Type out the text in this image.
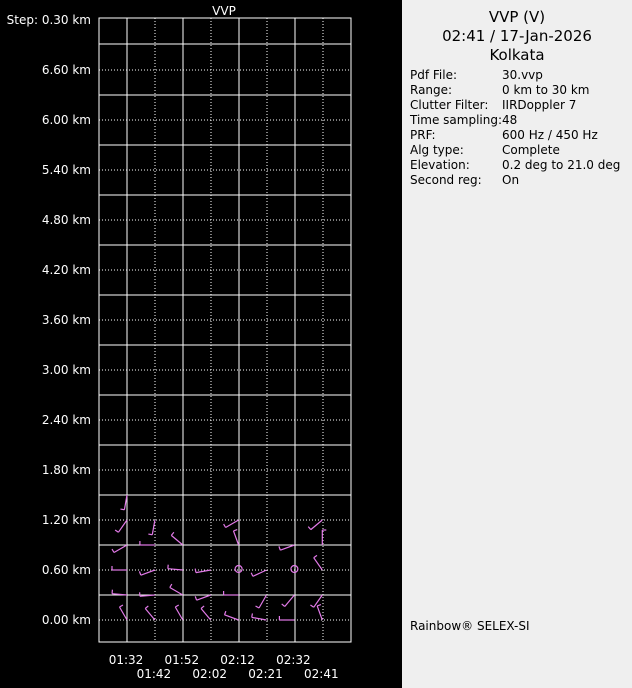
VVP
Step: 0.30 km
6.60 km
6.00 km
5.40 km
4.80 km
4.20 km
3.60 km
3.00 km
2.40 km
1.80 km
1.20 km
0.60 km
0.00 km
01:32 01:52 02:12 02:32
01:42 02:02 02:21 02:41
VVP (V)
02:41 / 17-Jan-2026
Kolkata
Pdf File:	30.vvp
Range:	0 km to 30 km
Clutter Filter: IIRDoppler 7
Time sampling: 48
PRF:	600 Hz / 450 Hz
Alg type:	Complete
Elevation:	0.2 deg to 21.0 deg
Second reg: On
Rainbow® SELEX-SI
